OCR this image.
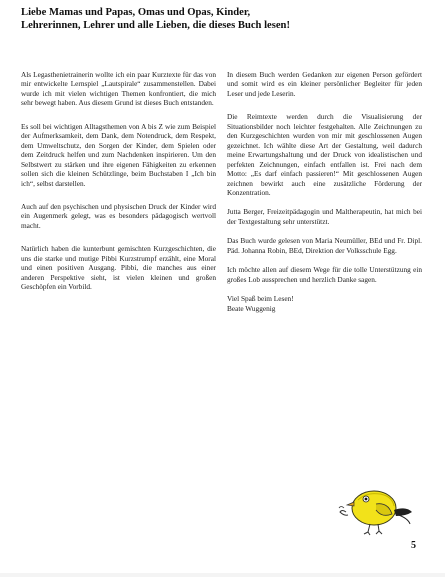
Liebe Mamas und Papas, Omas und Opas, Kinder,
Lehrerinnen, Lehrer und alle Lieben, die dieses Buch lesen!

Als Legasthenietrainerin wollte ich ein paar Kurztexte für das von mir entwickelte Lernspiel „Lautspirale“ zusammenstellen. Dabei wurde ich mit vielen wichtigen Themen konfrontiert, die mich sehr bewegt haben. Aus diesem Grund ist dieses Buch entstanden.

Es soll bei wichtigen Alltagsthemen von A bis Z wie zum Beispiel der Aufmerksamkeit, dem Dank, dem Notendruck, dem Respekt, dem Umweltschutz, den Sorgen der Kinder, dem Spielen oder dem Zeitdruck helfen und zum Nachdenken inspirieren. Um den Selbstwert zu stärken und ihre eigenen Fähigkeiten zu erkennen sollen sich die kleinen Schützlinge, beim Buchstaben I „Ich bin ich“, selbst darstellen.

Auch auf den psychischen und physischen Druck der Kinder wird ein Augenmerk gelegt, was es besonders pädagogisch wertvoll macht.

Natürlich haben die kunterbunt gemischten Kurzgeschichten, die uns die starke und mutige Pibbi Kurzstrumpf erzählt, eine Moral und einen positiven Ausgang. Pibbi, die manches aus einer anderen Perspektive sieht, ist vielen kleinen und großen Geschöpfen ein Vorbild.

In diesem Buch werden Gedanken zur eigenen Person gefördert und somit wird es ein kleiner persönlicher Begleiter für jeden Leser und jede Leserin.

Die Reimtexte werden durch die Visualisierung der Situationsbilder noch leichter festgehalten. Alle Zeichnungen zu den Kurzgeschichten wurden von mir mit geschlossenen Augen gezeichnet. Ich wählte diese Art der Gestaltung, weil dadurch meine Erwartungshaltung und der Druck von idealistischen und perfekten Zeichnungen, einfach entfallen ist. Frei nach dem Motto: „Es darf einfach passieren!“ Mit geschlossenen Augen zeichnen bewirkt auch eine zusätzliche Förderung der Konzentration.

Jutta Berger, Freizeitpädagogin und Maltherapeutin, hat mich bei der Textgestaltung sehr unterstützt.

Das Buch wurde gelesen von Maria Neumüller, BEd und Fr. Dipl. Päd. Johanna Robin, BEd, Direktion der Volksschule Egg.

Ich möchte allen auf diesem Wege für die tolle Unterstützung ein großes Lob aussprechen und herzlich Danke sagen.

Viel Spaß beim Lesen!
Beate Wuggenig

5
